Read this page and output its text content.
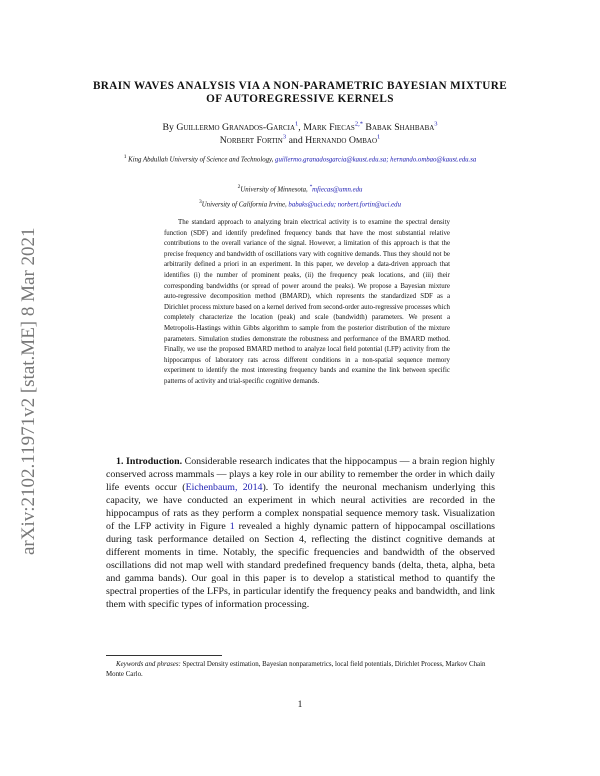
arXiv:2102.11971v2 [stat.ME] 8 Mar 2021
BRAIN WAVES ANALYSIS VIA A NON-PARAMETRIC BAYESIAN MIXTURE OF AUTOREGRESSIVE KERNELS
By Guillermo Granados-Garcia$^1$, Mark Fiecas$^{2,*}$ Babak Shahbaba$^3$
Norbert Fortin$^3$ and Hernando Ombao$^1$
$^1$ King Abdullah University of Science and Technology, guillermo.granadosgarcia@kaust.edu.sa; hernando.ombao@kaust.edu.sa
$^2$University of Minnesota, *mfiecas@umn.edu
$^3$University of California Irvine, babaks@uci.edu; norbert.fortin@uci.edu
The standard approach to analyzing brain electrical activity is to examine the spectral density function (SDF) and identify predefined frequency bands that have the most substantial relative contributions to the overall variance of the signal. However, a limitation of this approach is that the precise frequency and bandwidth of oscillations vary with cognitive demands. Thus they should not be arbitrarily defined a priori in an experiment. In this paper, we develop a data-driven approach that identifies (i) the number of prominent peaks, (ii) the frequency peak locations, and (iii) their corresponding bandwidths (or spread of power around the peaks). We propose a Bayesian mixture auto-regressive decomposition method (BMARD), which represents the standardized SDF as a Dirichlet process mixture based on a kernel derived from second-order auto-regressive processes which completely characterize the location (peak) and scale (bandwidth) parameters. We present a Metropolis-Hastings within Gibbs algorithm to sample from the posterior distribution of the mixture parameters. Simulation studies demonstrate the robustness and performance of the BMARD method. Finally, we use the proposed BMARD method to analyze local field potential (LFP) activity from the hippocampus of laboratory rats across different conditions in a non-spatial sequence memory experiment to identify the most interesting frequency bands and examine the link between specific patterns of activity and trial-specific cognitive demands.
1. Introduction. Considerable research indicates that the hippocampus — a brain region highly conserved across mammals — plays a key role in our ability to remember the order in which daily life events occur (Eichenbaum, 2014). To identify the neuronal mechanism underlying this capacity, we have conducted an experiment in which neural activities are recorded in the hippocampus of rats as they perform a complex nonspatial sequence memory task. Visualization of the LFP activity in Figure 1 revealed a highly dynamic pattern of hippocampal oscillations during task performance detailed on Section 4, reflecting the distinct cognitive demands at different moments in time. Notably, the specific frequencies and bandwidth of the observed oscillations did not map well with standard predefined frequency bands (delta, theta, alpha, beta and gamma bands). Our goal in this paper is to develop a statistical method to quantify the spectral properties of the LFPs, in particular identify the frequency peaks and bandwidth, and link them with specific types of information processing.
Keywords and phrases: Spectral Density estimation, Bayesian nonparametrics, local field potentials, Dirichlet Process, Markov Chain Monte Carlo.
1
